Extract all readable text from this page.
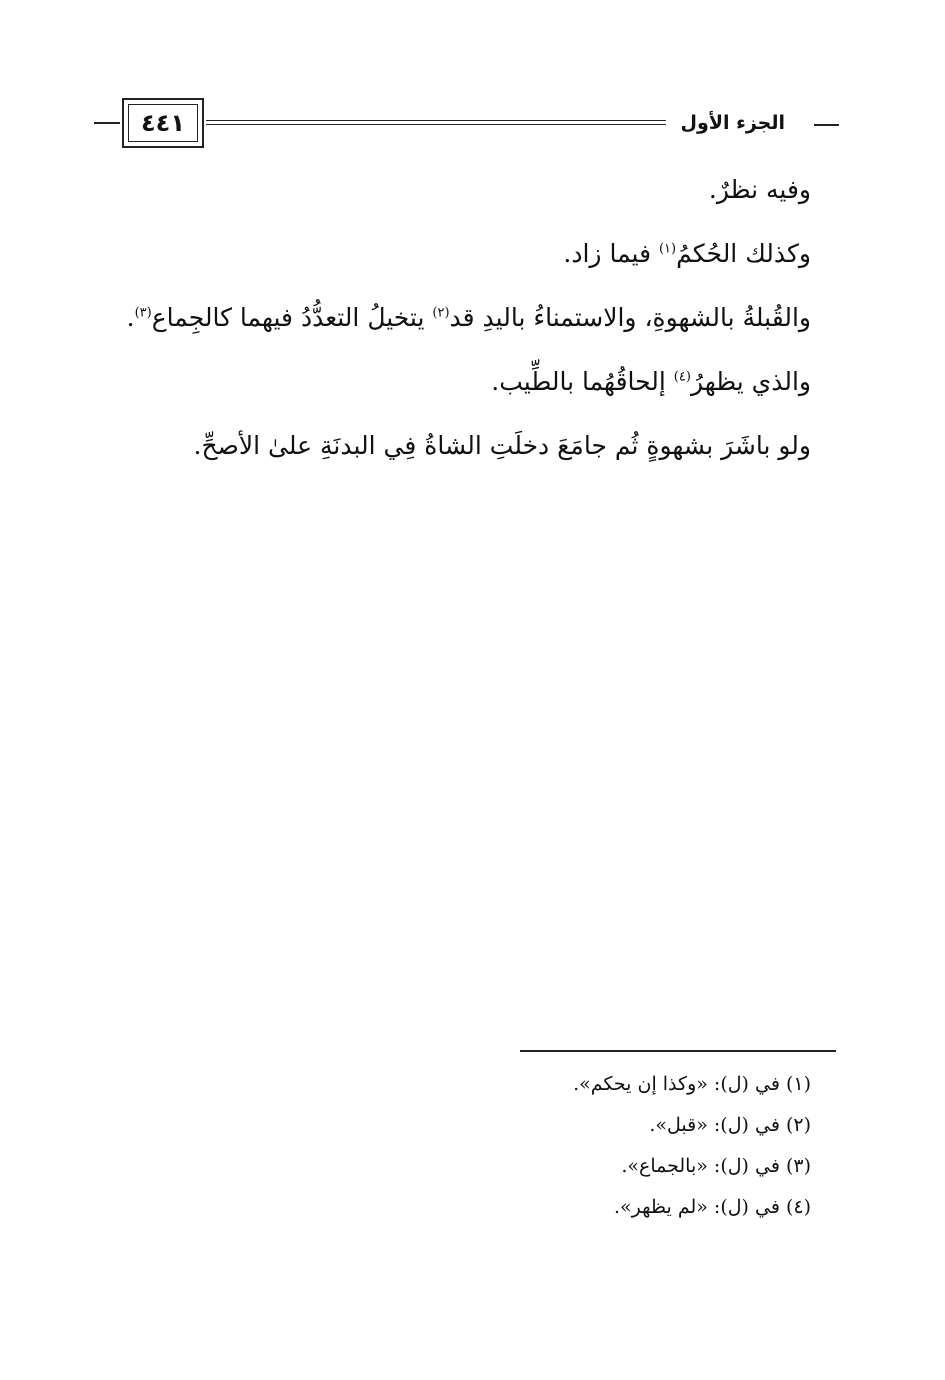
٤٤١	الجزء الأول
وفيه نظرٌ.
وكذلك الحُكمُ$^{(١)}$ فيما زاد.
والقُبلةُ بالشهوةِ، والاستمناءُ باليدِ قد$^{(٢)}$ يتخيلُ التعدُّدُ فيهما كالجِماع$^{(٣)}$.
والذي يظهرُ$^{(٤)}$ إلحاقُهُما بالطِّيب.
ولو باشَرَ بشهوةٍ ثُم جامَعَ دخلَتِ الشاةُ فِي البدنَةِ علىٰ الأصحِّ.
(١) في (ل): «وكذا إن يحكم».
(٢) في (ل): «قبل».
(٣) في (ل): «بالجماع».
(٤) في (ل): «لم يظهر».
